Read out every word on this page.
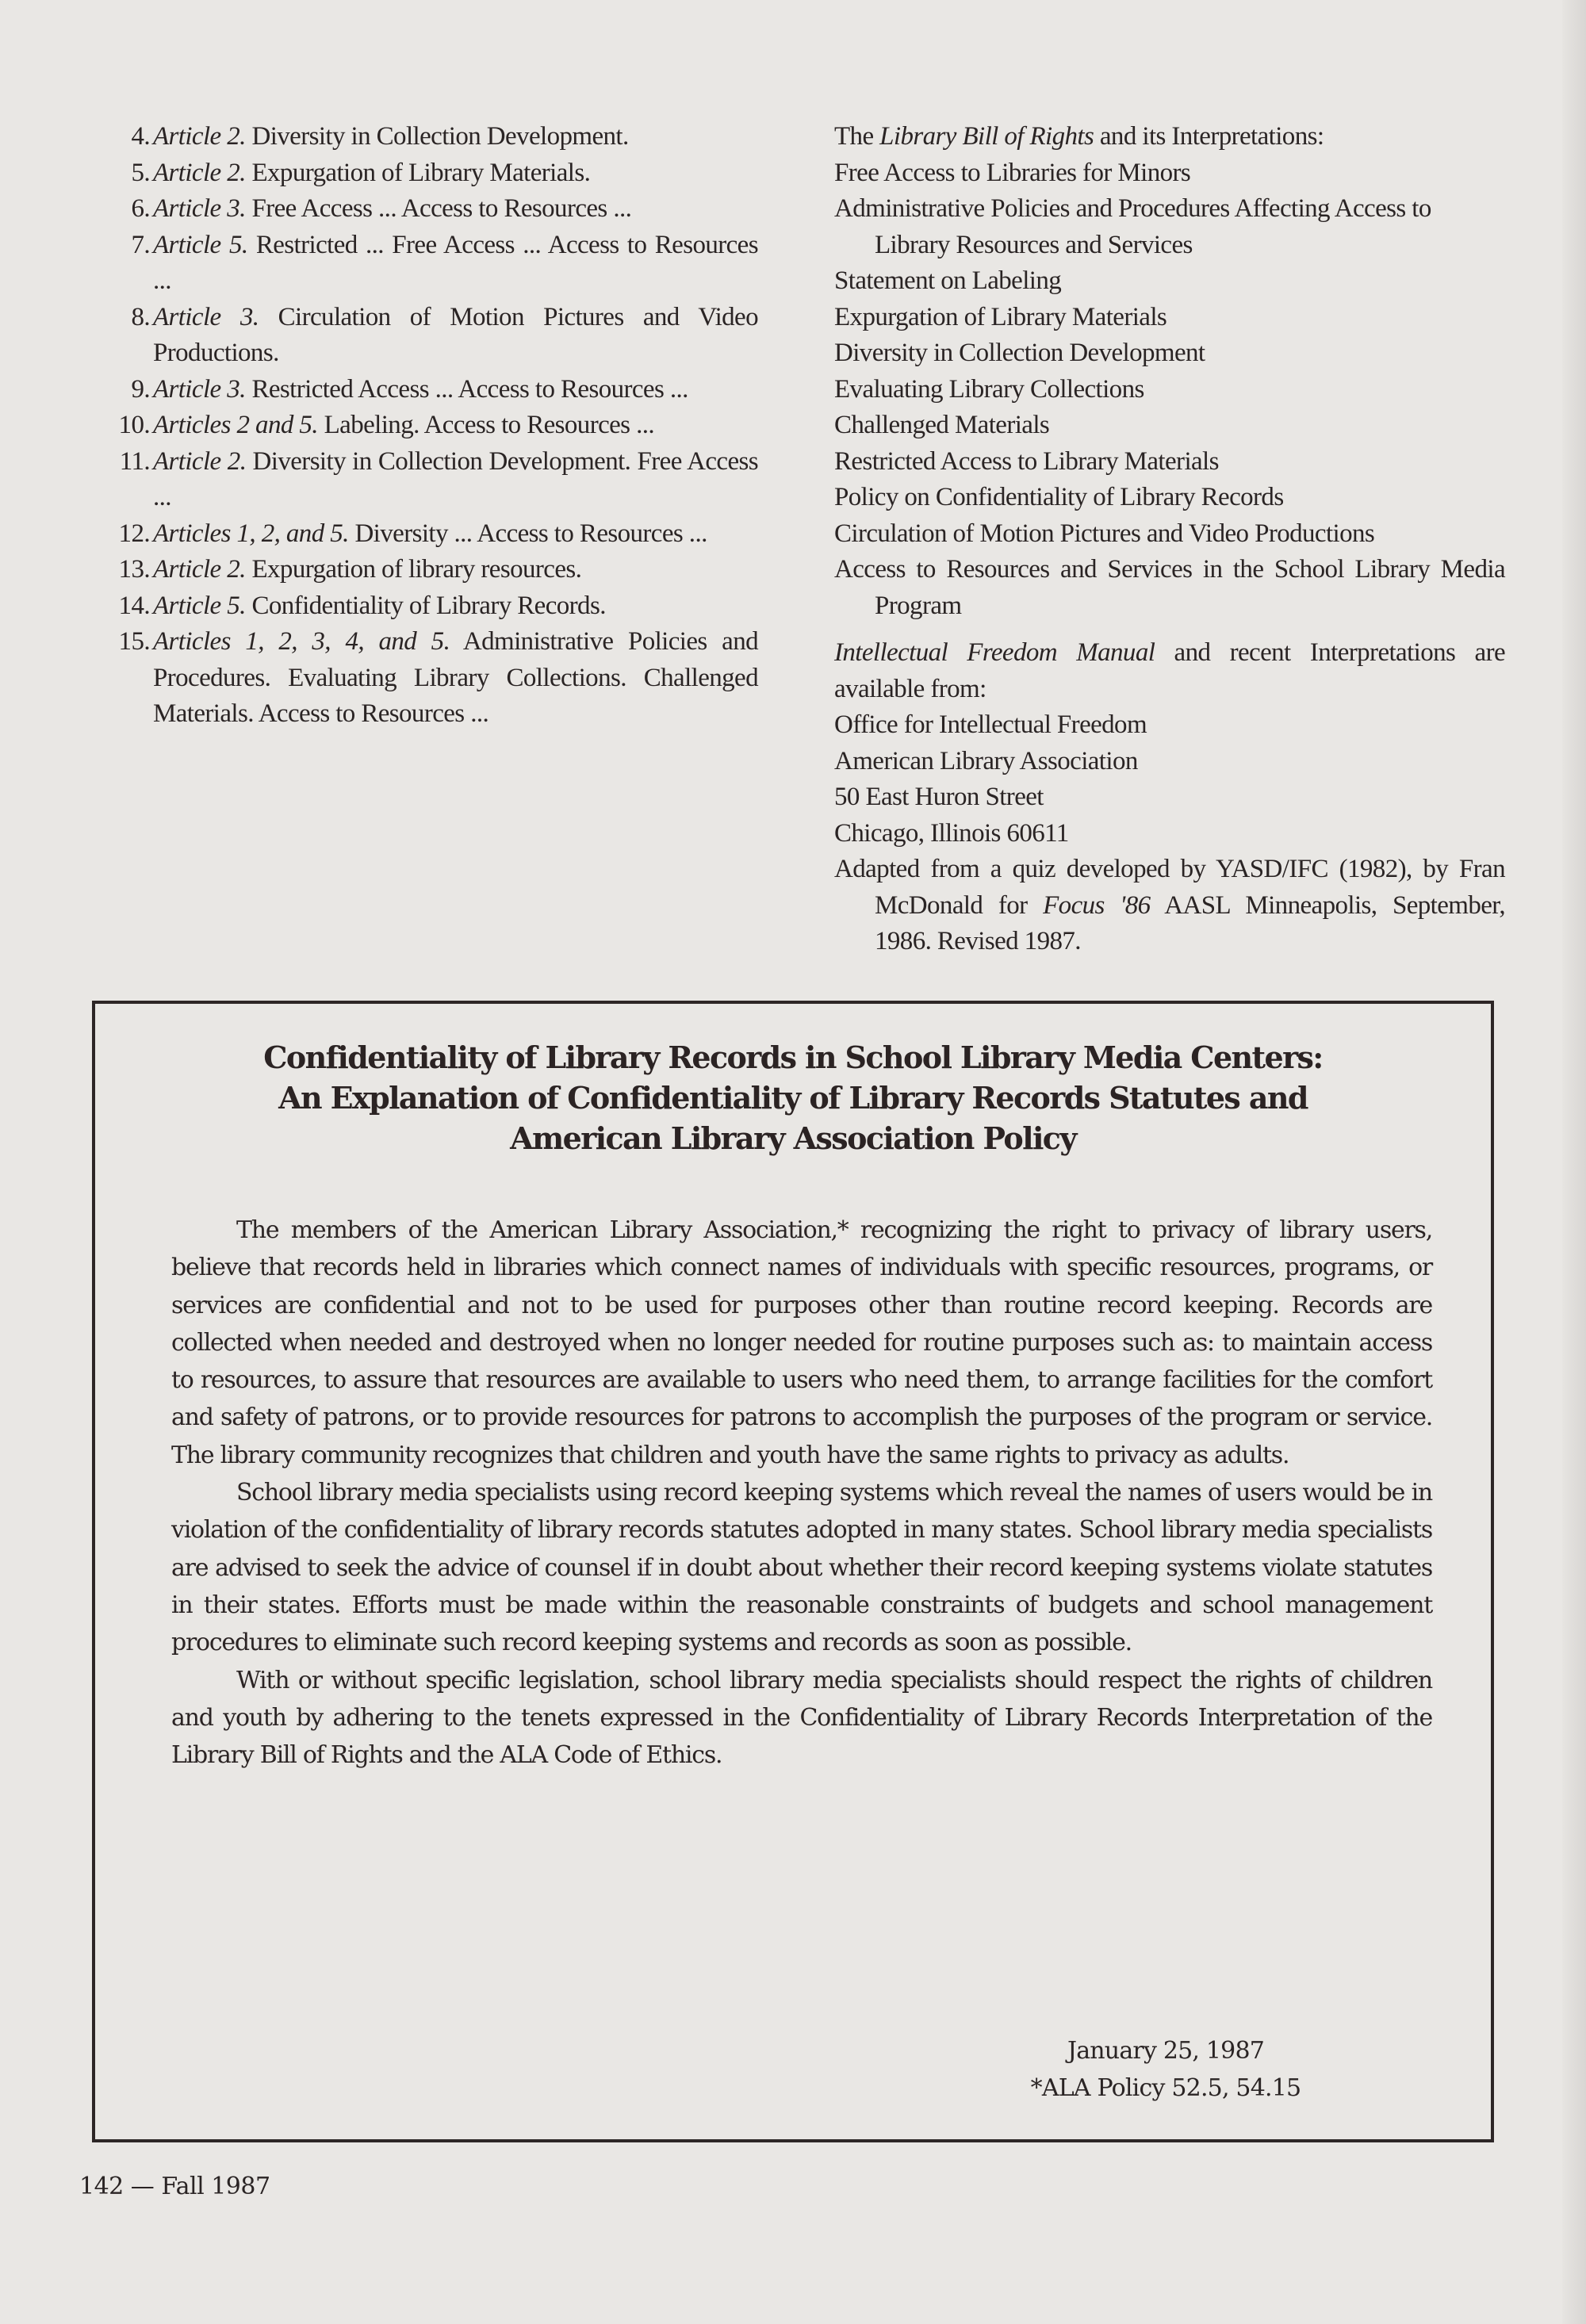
4. Article 2. Diversity in Collection Development.
5. Article 2. Expurgation of Library Materials.
6. Article 3. Free Access ... Access to Resources ...
7. Article 5. Restricted ... Free Access ... Access to Resources ...
8. Article 3. Circulation of Motion Pictures and Video Productions.
9. Article 3. Restricted Access ... Access to Resources ...
10. Articles 2 and 5. Labeling. Access to Resources ...
11. Article 2. Diversity in Collection Development. Free Access ...
12. Articles 1, 2, and 5. Diversity ... Access to Resources ...
13. Article 2. Expurgation of library resources.
14. Article 5. Confidentiality of Library Records.
15. Articles 1, 2, 3, 4, and 5. Administrative Policies and Procedures. Evaluating Library Collections. Challenged Materials. Access to Resources ...
The Library Bill of Rights and its Interpretations:
Free Access to Libraries for Minors
Administrative Policies and Procedures Affecting Access to Library Resources and Services
Statement on Labeling
Expurgation of Library Materials
Diversity in Collection Development
Evaluating Library Collections
Challenged Materials
Restricted Access to Library Materials
Policy on Confidentiality of Library Records
Circulation of Motion Pictures and Video Productions
Access to Resources and Services in the School Library Media Program
Intellectual Freedom Manual and recent Interpretations are available from:
Office for Intellectual Freedom
American Library Association
50 East Huron Street
Chicago, Illinois 60611
Adapted from a quiz developed by YASD/IFC (1982), by Fran McDonald for Focus '86 AASL Minneapolis, September, 1986. Revised 1987.
Confidentiality of Library Records in School Library Media Centers:
An Explanation of Confidentiality of Library Records Statutes and
American Library Association Policy

The members of the American Library Association,* recognizing the right to privacy of library users, believe that records held in libraries which connect names of individuals with specific resources, programs, or services are confidential and not to be used for purposes other than routine record keeping. Records are collected when needed and destroyed when no longer needed for routine purposes such as: to maintain access to resources, to assure that resources are available to users who need them, to arrange facilities for the comfort and safety of patrons, or to provide resources for patrons to accomplish the purposes of the program or service. The library community recognizes that children and youth have the same rights to privacy as adults.

School library media specialists using record keeping systems which reveal the names of users would be in violation of the confidentiality of library records statutes adopted in many states. School library media specialists are advised to seek the advice of counsel if in doubt about whether their record keeping systems violate statutes in their states. Efforts must be made within the reasonable constraints of budgets and school management procedures to eliminate such record keeping systems and records as soon as possible.

With or without specific legislation, school library media specialists should respect the rights of children and youth by adhering to the tenets expressed in the Confidentiality of Library Records Interpretation of the Library Bill of Rights and the ALA Code of Ethics.

January 25, 1987
*ALA Policy 52.5, 54.15
142 — Fall 1987
